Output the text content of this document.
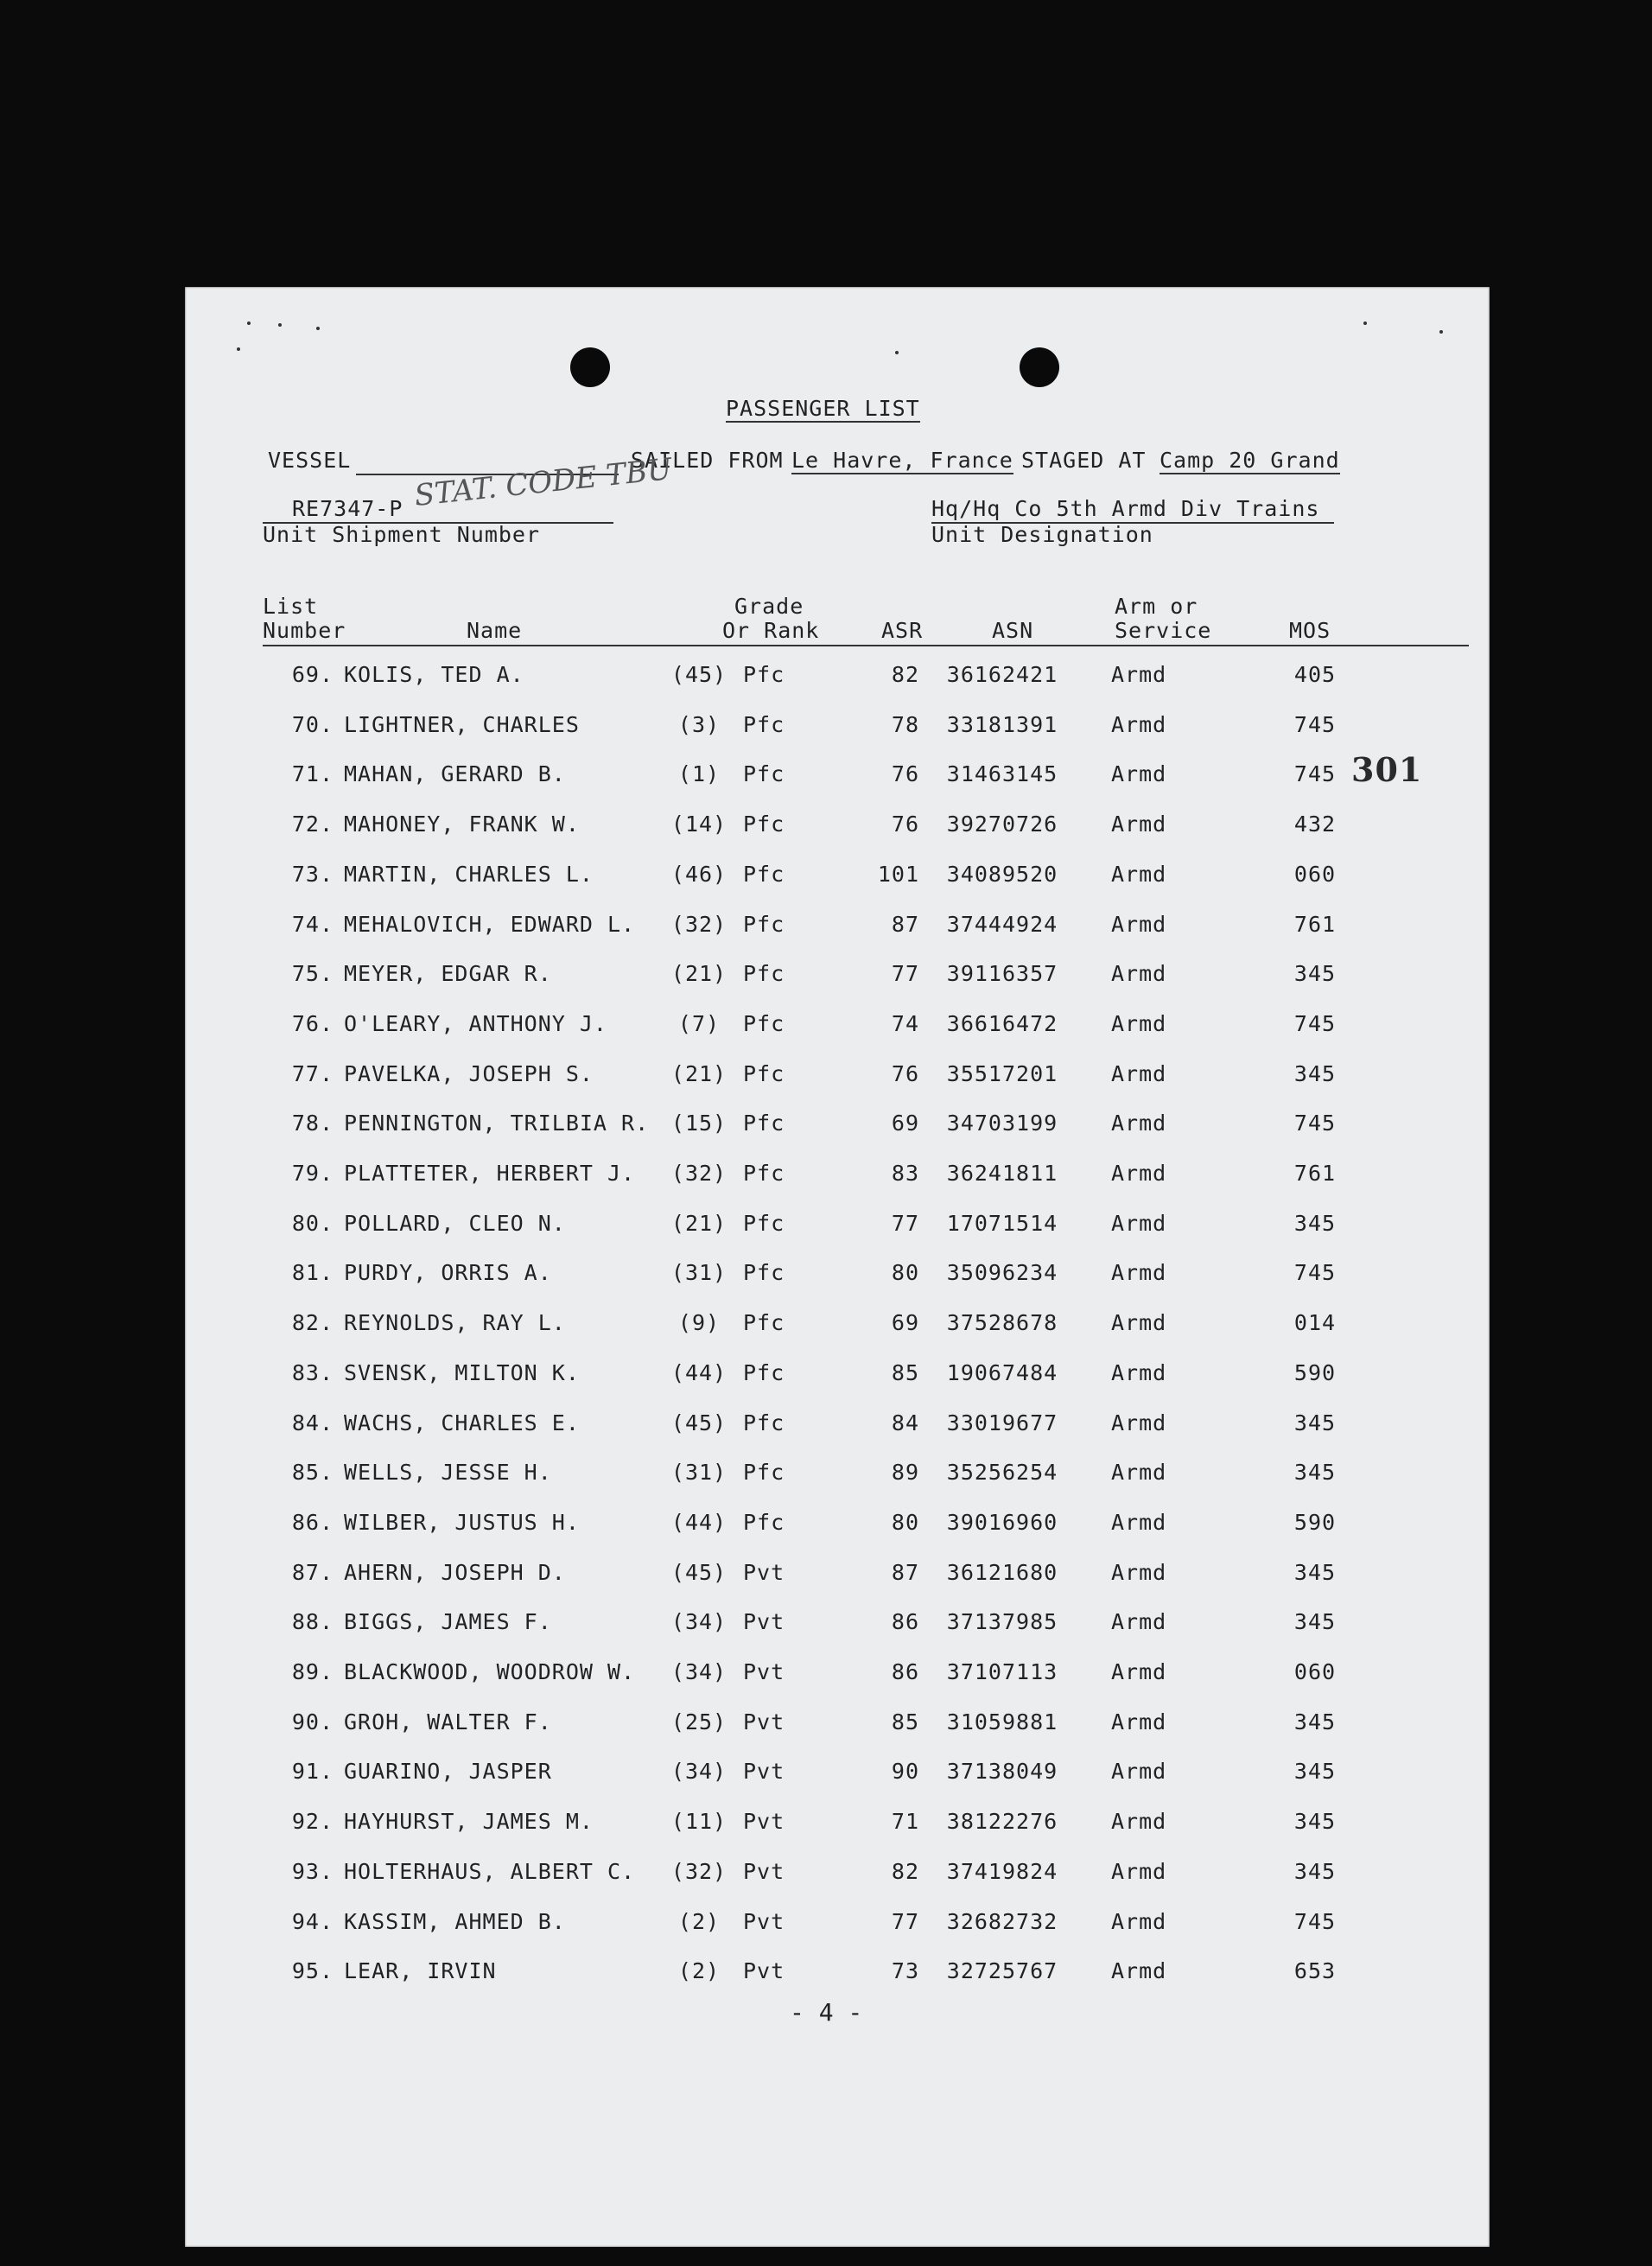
PASSENGER LIST
VESSEL	SAILED FROM Le Havre, France STAGED AT Camp 20 Grand
RE7347-P STAT. CODE TBU
Unit Shipment Number
Hq/Hq Co 5th Armd Div Trains
Unit Designation
List
Number	Name
Grade
Or Rank	ASR	ASN
Arm or
Service	MOS
69. KOLIS, TED A.	(45) Pfc	82	36162421	Armd	405
70. LIGHTNER, CHARLES	(3)	Pfc	78	33181391	Armd	745
71. MAHAN, GERARD B.	(1)	Pfc	76	31463145	Armd	745
72. MAHONEY, FRANK W.	(14) Pfc	76	39270726	Armd	432
73. MARTIN, CHARLES L.	(46) Pfc	101	34089520	Armd	060
74. MEHALOVICH, EDWARD L. (32) Pfc	87	37444924	Armd	761
75. MEYER, EDGAR R.	(21) Pfc	77	39116357	Armd	345
76. O'LEARY, ANTHONY J.	(7)	Pfc	74	36616472	Armd	745
77. PAVELKA, JOSEPH S.	(21) Pfc	76	35517201	Armd	345
78. PENNINGTON, TRILBIA R. (15) Pfc	69	34703199	Armd	745
79. PLATTETER, HERBERT J. (32) Pfc	83	36241811	Armd	761
80. POLLARD, CLEO N.	(21) Pfc	77	17071514	Armd	345
81. PURDY, ORRIS A.	(31) Pfc	80	35096234	Armd	745
82. REYNOLDS, RAY L.	(9)	Pfc	69	37528678	Armd	014
83. SVENSK, MILTON K.	(44) Pfc	85	19067484	Armd	590
84. WACHS, CHARLES E.	(45) Pfc	84	33019677	Armd	345
85. WELLS, JESSE H.	(31) Pfc	89	35256254	Armd	345
86. WILBER, JUSTUS H.	(44) Pfc	80	39016960	Armd	590
87. AHERN, JOSEPH D.	(45) Pvt	87	36121680	Armd	345
88. BIGGS, JAMES F.	(34) Pvt	86	37137985	Armd	345
89. BLACKWOOD, WOODROW W. (34) Pvt	86	37107113	Armd	060
90. GROH, WALTER F.	(25) Pvt	85	31059881	Armd	345
91. GUARINO, JASPER	(34) Pvt	90	37138049	Armd	345
92. HAYHURST, JAMES M.	(11) Pvt	71	38122276	Armd	345
93. HOLTERHAUS, ALBERT C. (32) Pvt	82	37419824	Armd	345
94. KASSIM, AHMED B.	(2)	Pvt	77	32682732	Armd	745
95. LEAR, IRVIN	(2)	Pvt	73	32725767	Armd	653
301
- 4 -
